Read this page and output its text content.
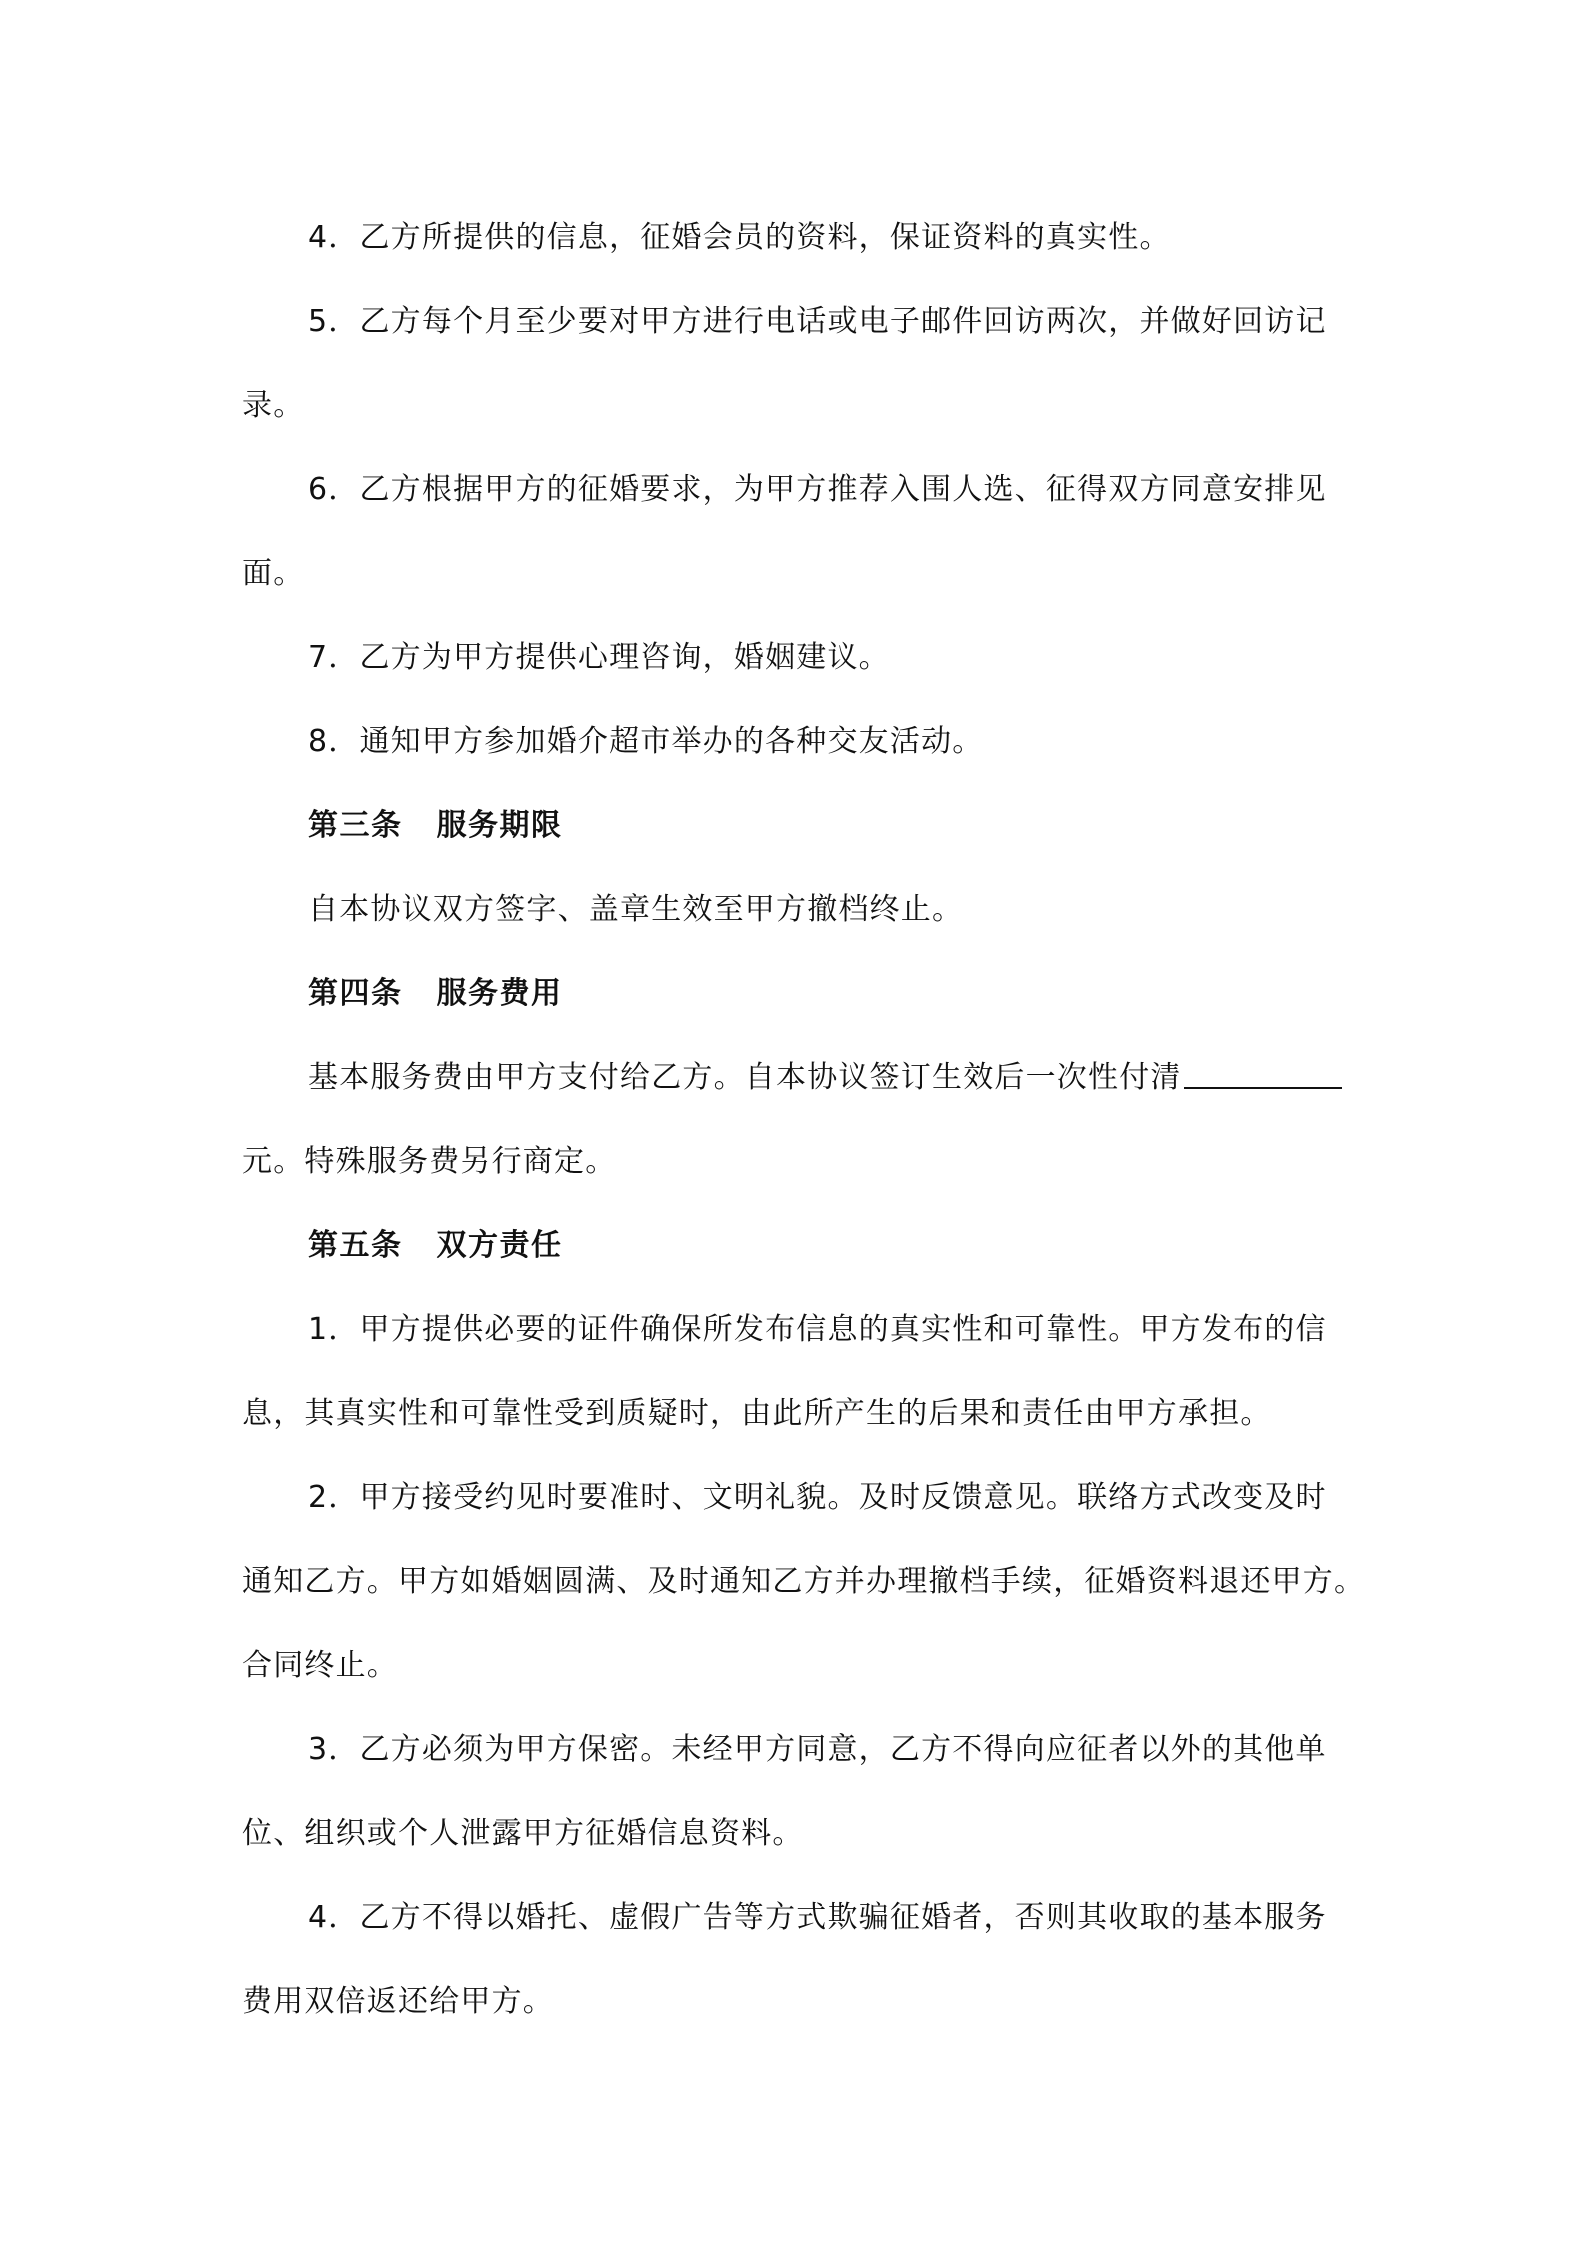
4．乙方所提供的信息，征婚会员的资料，保证资料的真实性。
5．乙方每个月至少要对甲方进行电话或电子邮件回访两次，并做好回访记
录。
6．乙方根据甲方的征婚要求，为甲方推荐入围人选、征得双方同意安排见
面。
7．乙方为甲方提供心理咨询，婚姻建议。
8．通知甲方参加婚介超市举办的各种交友活动。
第三条 服务期限
自本协议双方签字、盖章生效至甲方撤档终止。
第四条 服务费用
基本服务费由甲方支付给乙方。自本协议签订生效后一次性付清
元。特殊服务费另行商定。
第五条 双方责任
1．甲方提供必要的证件确保所发布信息的真实性和可靠性。甲方发布的信
息，其真实性和可靠性受到质疑时，由此所产生的后果和责任由甲方承担。
2．甲方接受约见时要准时、文明礼貌。及时反馈意见。联络方式改变及时
通知乙方。甲方如婚姻圆满、及时通知乙方并办理撤档手续，征婚资料退还甲方。
合同终止。
3．乙方必须为甲方保密。未经甲方同意，乙方不得向应征者以外的其他单
位、组织或个人泄露甲方征婚信息资料。
4．乙方不得以婚托、虚假广告等方式欺骗征婚者，否则其收取的基本服务
费用双倍返还给甲方。
